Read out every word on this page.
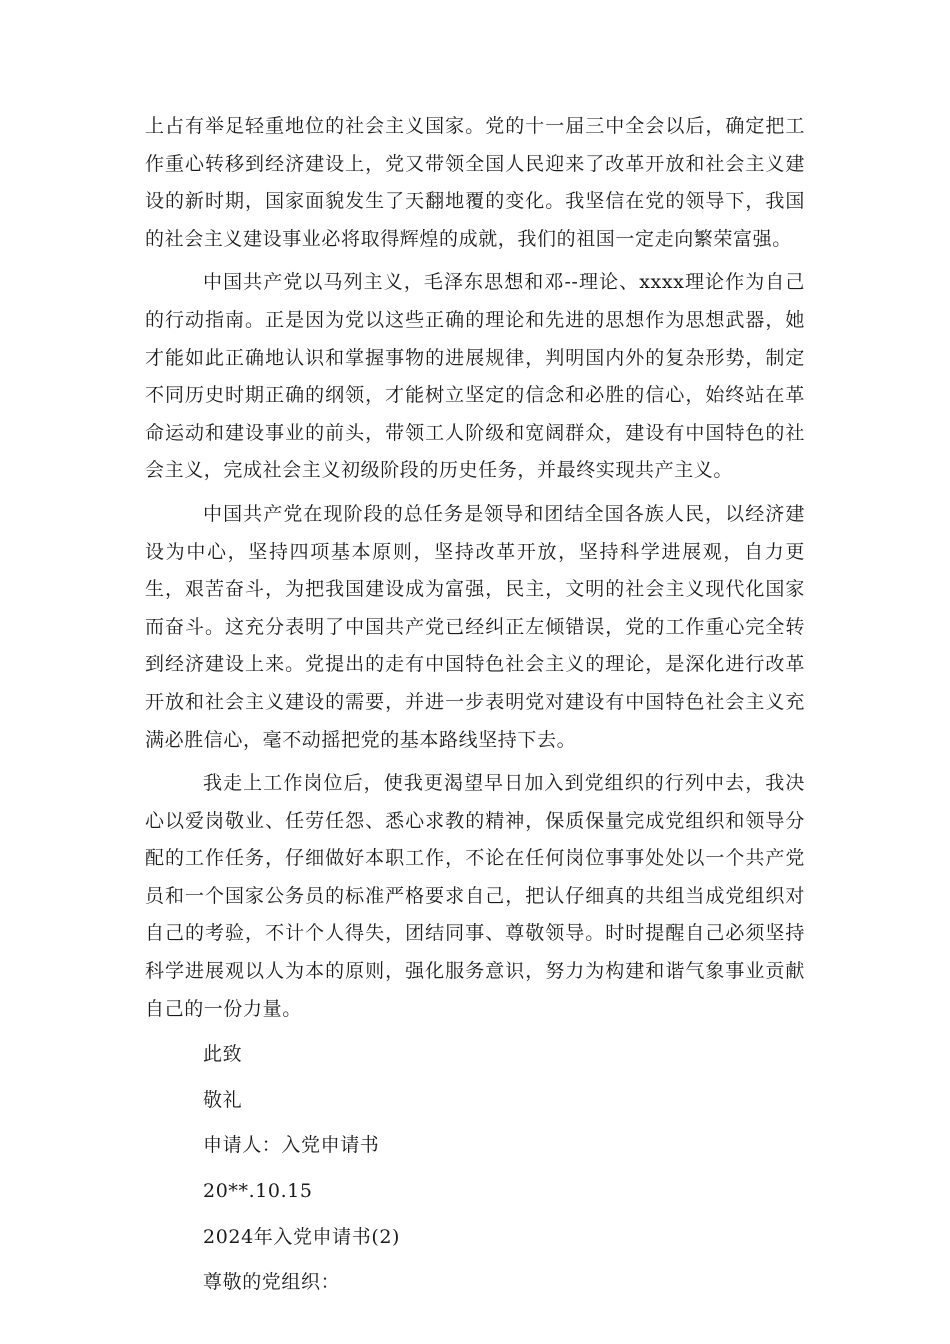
上占有举足轻重地位的社会主义国家。党的十一届三中全会以后，确定把工作重心转移到经济建设上，党又带领全国人民迎来了改革开放和社会主义建设的新时期，国家面貌发生了天翻地覆的变化。我坚信在党的领导下，我国的社会主义建设事业必将取得辉煌的成就，我们的祖国一定走向繁荣富强。

中国共产党以马列主义，毛泽东思想和邓--理论、xxxx理论作为自己的行动指南。正是因为党以这些正确的理论和先进的思想作为思想武器，她才能如此正确地认识和掌握事物的进展规律，判明国内外的复杂形势，制定不同历史时期正确的纲领，才能树立坚定的信念和必胜的信心，始终站在革命运动和建设事业的前头，带领工人阶级和宽阔群众，建设有中国特色的社会主义，完成社会主义初级阶段的历史任务，并最终实现共产主义。

中国共产党在现阶段的总任务是领导和团结全国各族人民，以经济建设为中心，坚持四项基本原则，坚持改革开放，坚持科学进展观，自力更生，艰苦奋斗，为把我国建设成为富强，民主，文明的社会主义现代化国家而奋斗。这充分表明了中国共产党已经纠正左倾错误，党的工作重心完全转到经济建设上来。党提出的走有中国特色社会主义的理论，是深化进行改革开放和社会主义建设的需要，并进一步表明党对建设有中国特色社会主义充满必胜信心，毫不动摇把党的基本路线坚持下去。

我走上工作岗位后，使我更渴望早日加入到党组织的行列中去，我决心以爱岗敬业、任劳任怨、悉心求教的精神，保质保量完成党组织和领导分配的工作任务，仔细做好本职工作，不论在任何岗位事事处处以一个共产党员和一个国家公务员的标准严格要求自己，把认仔细真的共组当成党组织对自己的考验，不计个人得失，团结同事、尊敬领导。时时提醒自己必须坚持科学进展观以人为本的原则，强化服务意识，努力为构建和谐气象事业贡献自己的一份力量。

此致

敬礼

申请人：入党申请书

20**.10.15

2024年入党申请书(2)

尊敬的党组织：
